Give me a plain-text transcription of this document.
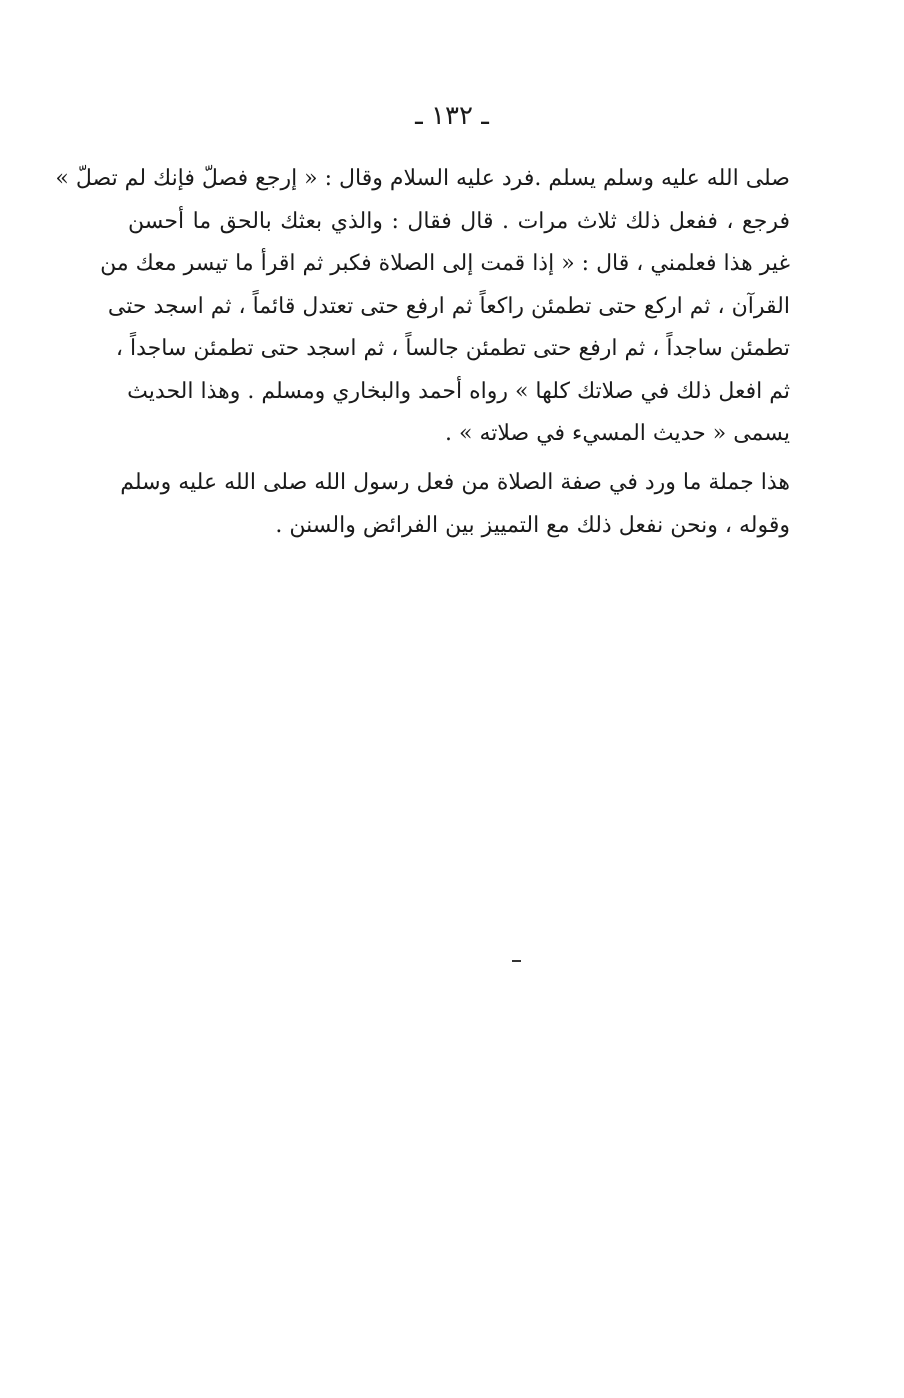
ـ ١٣٢ ـ
صلى الله عليه وسلم يسلم .فرد عليه السلام وقال : « إرجع فصلّ فإنك لم تصلّ »
فرجع ، ففعل ذلك ثلاث مرات . قال فقال : والذي بعثك بالحق ما أحسن
غير هذا فعلمني ، قال : « إذا قمت إلى الصلاة فكبر ثم اقرأ ما تيسر معك من
القرآن ، ثم اركع حتى تطمئن راكعاً ثم ارفع حتى تعتدل قائماً ، ثم اسجد حتى
تطمئن ساجداً ، ثم ارفع حتى تطمئن جالساً ، ثم اسجد حتى تطمئن ساجداً ،
ثم افعل ذلك في صلاتك كلها » رواه أحمد والبخاري ومسلم . وهذا الحديث
يسمى « حديث المسيء في صلاته » .
هذا جملة ما ورد في صفة الصلاة من فعل رسول الله صلى الله عليه وسلم
وقوله ، ونحن نفعل ذلك مع التمييز بين الفرائض والسنن .
